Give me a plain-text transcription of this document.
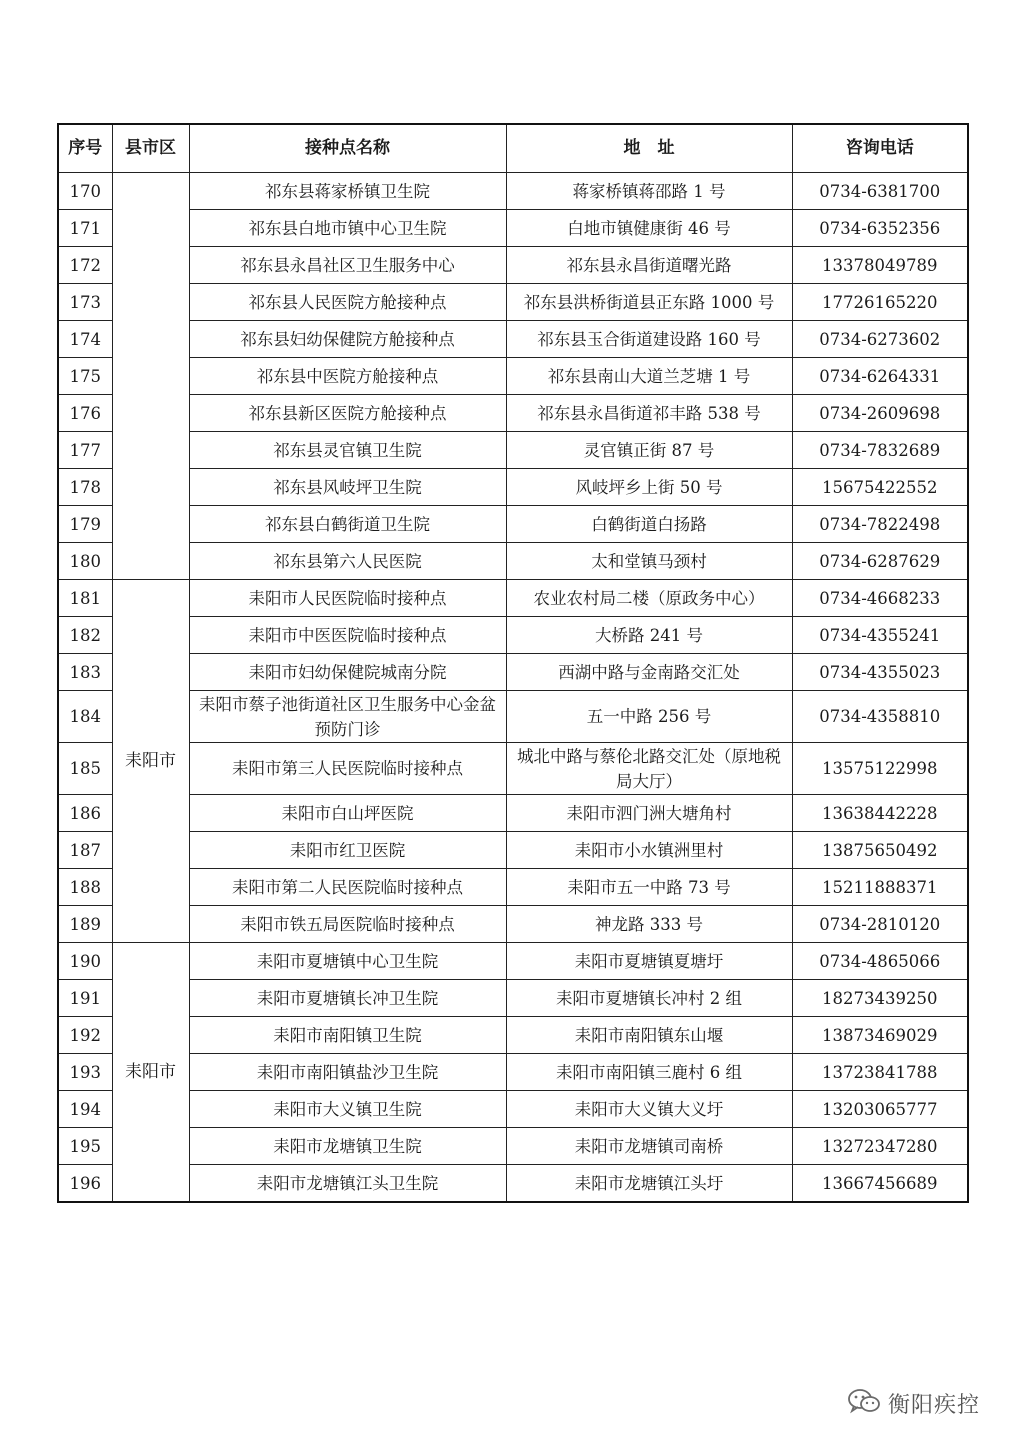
序号	县市区	接种点名称	地　址	咨询电话
170		祁东县蒋家桥镇卫生院	蒋家桥镇蒋邵路 1 号	0734-6381700
171		祁东县白地市镇中心卫生院	白地市镇健康街 46 号	0734-6352356
172		祁东县永昌社区卫生服务中心	祁东县永昌街道曙光路	13378049789
173		祁东县人民医院方舱接种点	祁东县洪桥街道县正东路 1000 号	17726165220
174		祁东县妇幼保健院方舱接种点	祁东县玉合街道建设路 160 号	0734-6273602
175		祁东县中医院方舱接种点	祁东县南山大道兰芝塘 1 号	0734-6264331
176		祁东县新区医院方舱接种点	祁东县永昌街道祁丰路 538 号	0734-2609698
177		祁东县灵官镇卫生院	灵官镇正街 87 号	0734-7832689
178		祁东县风岐坪卫生院	风岐坪乡上街 50 号	15675422552
179		祁东县白鹤街道卫生院	白鹤街道白扬路	0734-7822498
180		祁东县第六人民医院	太和堂镇马颈村	0734-6287629
181	耒阳市	耒阳市人民医院临时接种点	农业农村局二楼（原政务中心）	0734-4668233
182		耒阳市中医医院临时接种点	大桥路 241 号	0734-4355241
183		耒阳市妇幼保健院城南分院	西湖中路与金南路交汇处	0734-4355023
184		耒阳市蔡子池街道社区卫生服务中心金盆预防门诊	五一中路 256 号	0734-4358810
185		耒阳市第三人民医院临时接种点	城北中路与蔡伦北路交汇处（原地税局大厅）	13575122998
186		耒阳市白山坪医院	耒阳市泗门洲大塘角村	13638442228
187		耒阳市红卫医院	耒阳市小水镇洲里村	13875650492
188		耒阳市第二人民医院临时接种点	耒阳市五一中路 73 号	15211888371
189		耒阳市铁五局医院临时接种点	神龙路 333 号	0734-2810120
190	耒阳市	耒阳市夏塘镇中心卫生院	耒阳市夏塘镇夏塘圩	0734-4865066
191		耒阳市夏塘镇长冲卫生院	耒阳市夏塘镇长冲村 2 组	18273439250
192		耒阳市南阳镇卫生院	耒阳市南阳镇东山堰	13873469029
193		耒阳市南阳镇盐沙卫生院	耒阳市南阳镇三鹿村 6 组	13723841788
194		耒阳市大义镇卫生院	耒阳市大义镇大义圩	13203065777
195		耒阳市龙塘镇卫生院	耒阳市龙塘镇司南桥	13272347280
196		耒阳市龙塘镇江头卫生院	耒阳市龙塘镇江头圩	13667456689
衡阳疾控
